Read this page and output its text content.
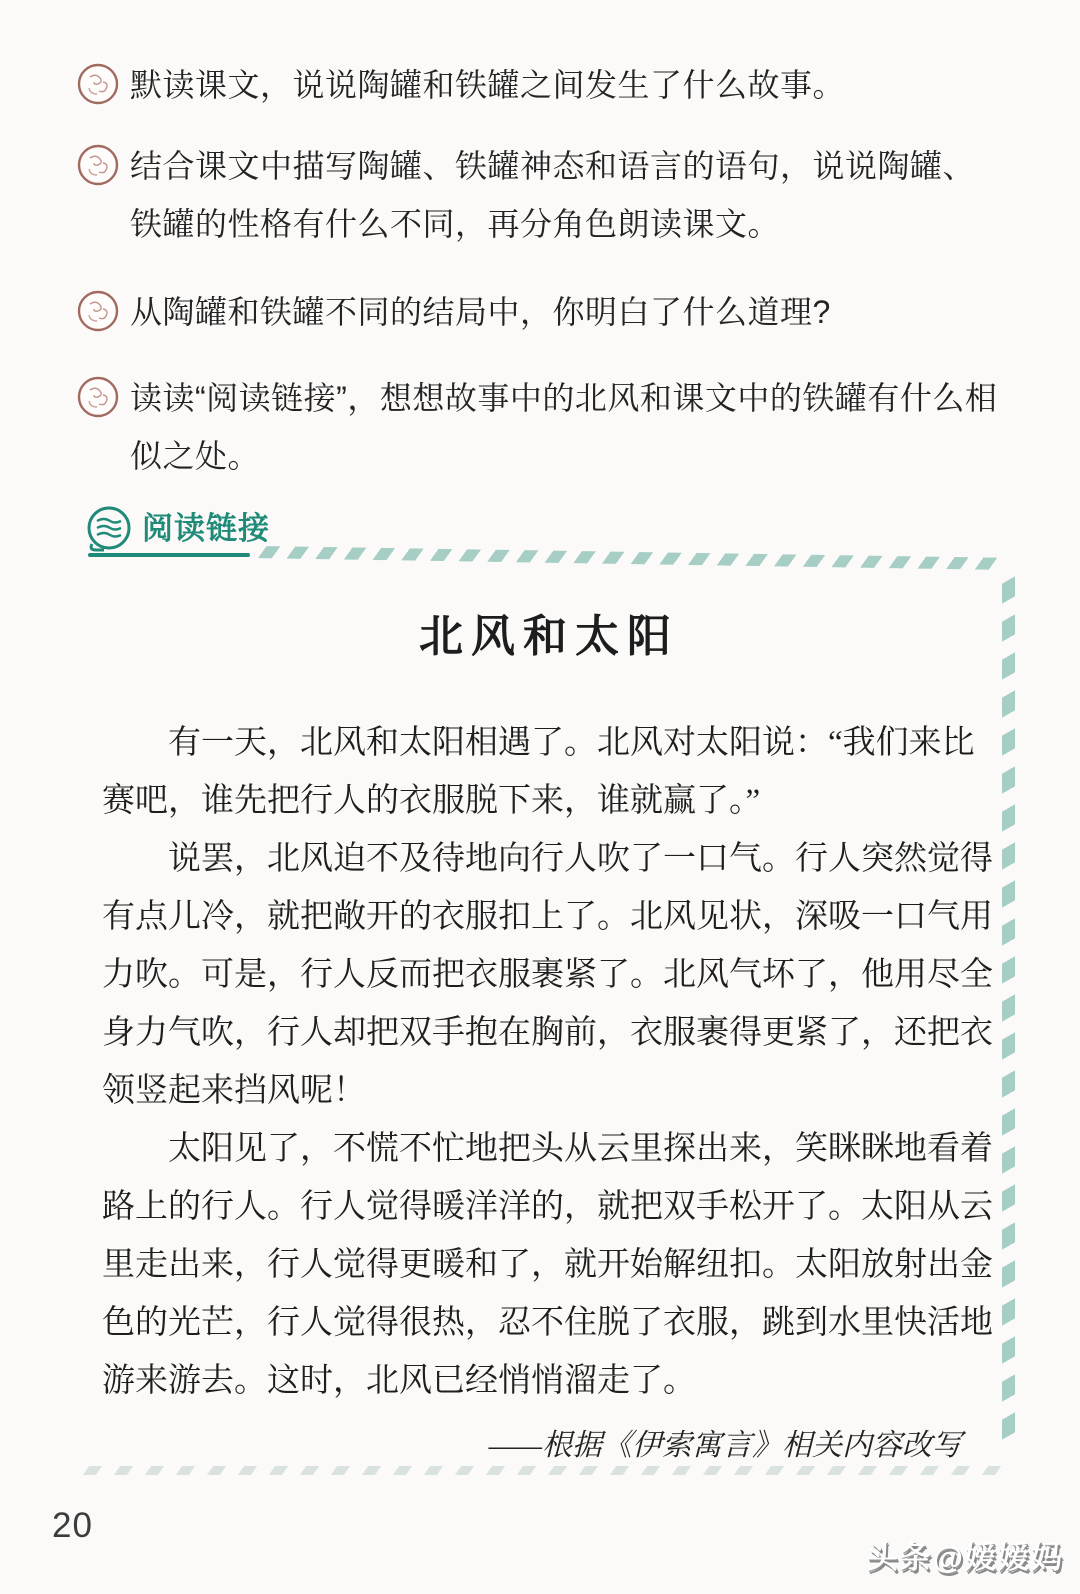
默读课文，说说陶罐和铁罐之间发生了什么故事。

结合课文中描写陶罐、铁罐神态和语言的语句，说说陶罐、铁罐的性格有什么不同，再分角色朗读课文。

从陶罐和铁罐不同的结局中，你明白了什么道理?

读读“阅读链接”，想想故事中的北风和课文中的铁罐有什么相似之处。

阅读链接
北风和太阳

有一天，北风和太阳相遇了。北风对太阳说：“我们来比赛吧，谁先把行人的衣服脱下来，谁就赢了。”

说罢，北风迫不及待地向行人吹了一口气。行人突然觉得有点儿冷，就把敞开的衣服扣上了。北风见状，深吸一口气用力吹。可是，行人反而把衣服裹紧了。北风气坏了，他用尽全身力气吹，行人却把双手抱在胸前，衣服裹得更紧了，还把衣领竖起来挡风呢！

太阳见了，不慌不忙地把头从云里探出来，笑眯眯地看着路上的行人。行人觉得暖洋洋的，就把双手松开了。太阳从云里走出来，行人觉得更暖和了，就开始解纽扣。太阳放射出金色的光芒，行人觉得很热，忍不住脱了衣服，跳到水里快活地游来游去。这时，北风已经悄悄溜走了。

——根据《伊索寓言》相关内容改写

20
头条@嫒嫒妈
